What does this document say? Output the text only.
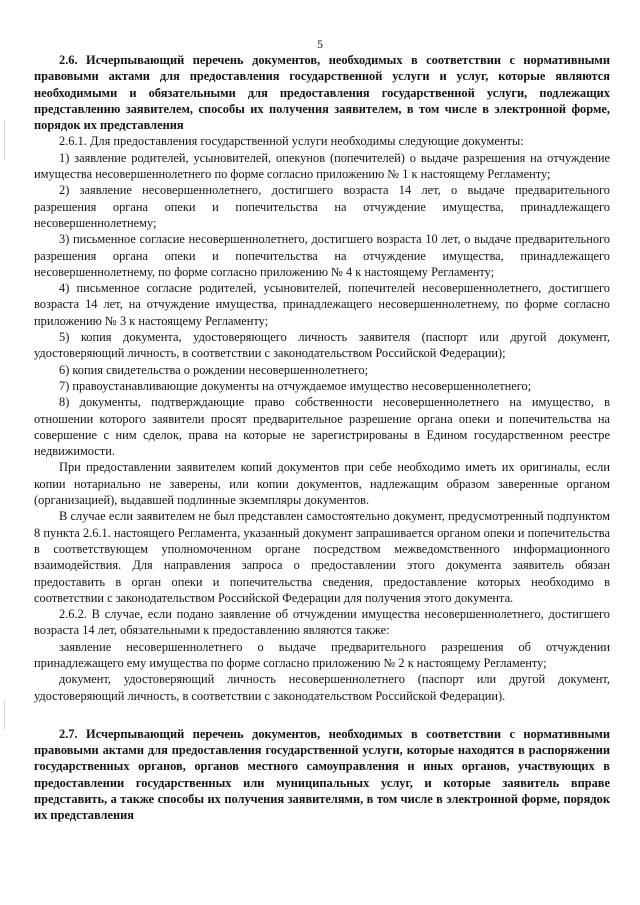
5

2.6. Исчерпывающий перечень документов, необходимых в соответствии с нормативными правовыми актами для предоставления государственной услуги и услуг, которые являются необходимыми и обязательными для предоставления государственной услуги, подлежащих представлению заявителем, способы их получения заявителем, в том числе в электронной форме, порядок их представления

2.6.1. Для предоставления государственной услуги необходимы следующие документы:

1) заявление родителей, усыновителей, опекунов (попечителей) о выдаче разрешения на отчуждение имущества несовершеннолетнего по форме согласно приложению № 1 к настоящему Регламенту;

2) заявление несовершеннолетнего, достигшего возраста 14 лет, о выдаче предварительного разрешения органа опеки и попечительства на отчуждение имущества, принадлежащего несовершеннолетнему;

3) письменное согласие несовершеннолетнего, достигшего возраста 10 лет, о выдаче предварительного разрешения органа опеки и попечительства на отчуждение имущества, принадлежащего несовершеннолетнему, по форме согласно приложению № 4 к настоящему Регламенту;

4) письменное согласие родителей, усыновителей, попечителей несовершеннолетнего, достигшего возраста 14 лет, на отчуждение имущества, принадлежащего несовершеннолетнему, по форме согласно приложению № 3 к настоящему Регламенту;

5) копия документа, удостоверяющего личность заявителя (паспорт или другой документ, удостоверяющий личность, в соответствии с законодательством Российской Федерации);

6) копия свидетельства о рождении несовершеннолетнего;

7) правоустанавливающие документы на отчуждаемое имущество несовершеннолетнего;

8) документы, подтверждающие право собственности несовершеннолетнего на имущество, в отношении которого заявители просят предварительное разрешение органа опеки и попечительства на совершение с ним сделок, права на которые не зарегистрированы в Едином государственном реестре недвижимости.

При предоставлении заявителем копий документов при себе необходимо иметь их оригиналы, если копии нотариально не заверены, или копии документов, надлежащим образом заверенные органом (организацией), выдавшей подлинные экземпляры документов.

В случае если заявителем не был представлен самостоятельно документ, предусмотренный подпунктом 8 пункта 2.6.1. настоящего Регламента, указанный документ запрашивается органом опеки и попечительства в соответствующем уполномоченном органе посредством межведомственного информационного взаимодействия. Для направления запроса о предоставлении этого документа заявитель обязан предоставить в орган опеки и попечительства сведения, предоставление которых необходимо в соответствии с законодательством Российской Федерации для получения этого документа.

2.6.2. В случае, если подано заявление об отчуждении имущества несовершеннолетнего, достигшего возраста 14 лет, обязательными к предоставлению являются также:

заявление несовершеннолетнего о выдаче предварительного разрешения об отчуждении принадлежащего ему имущества по форме согласно приложению № 2 к настоящему Регламенту;

документ, удостоверяющий личность несовершеннолетнего (паспорт или другой документ, удостоверяющий личность, в соответствии с законодательством Российской Федерации).

2.7. Исчерпывающий перечень документов, необходимых в соответствии с нормативными правовыми актами для предоставления государственной услуги, которые находятся в распоряжении государственных органов, органов местного самоуправления и иных органов, участвующих в предоставлении государственных или муниципальных услуг, и которые заявитель вправе представить, а также способы их получения заявителями, в том числе в электронной форме, порядок их представления
